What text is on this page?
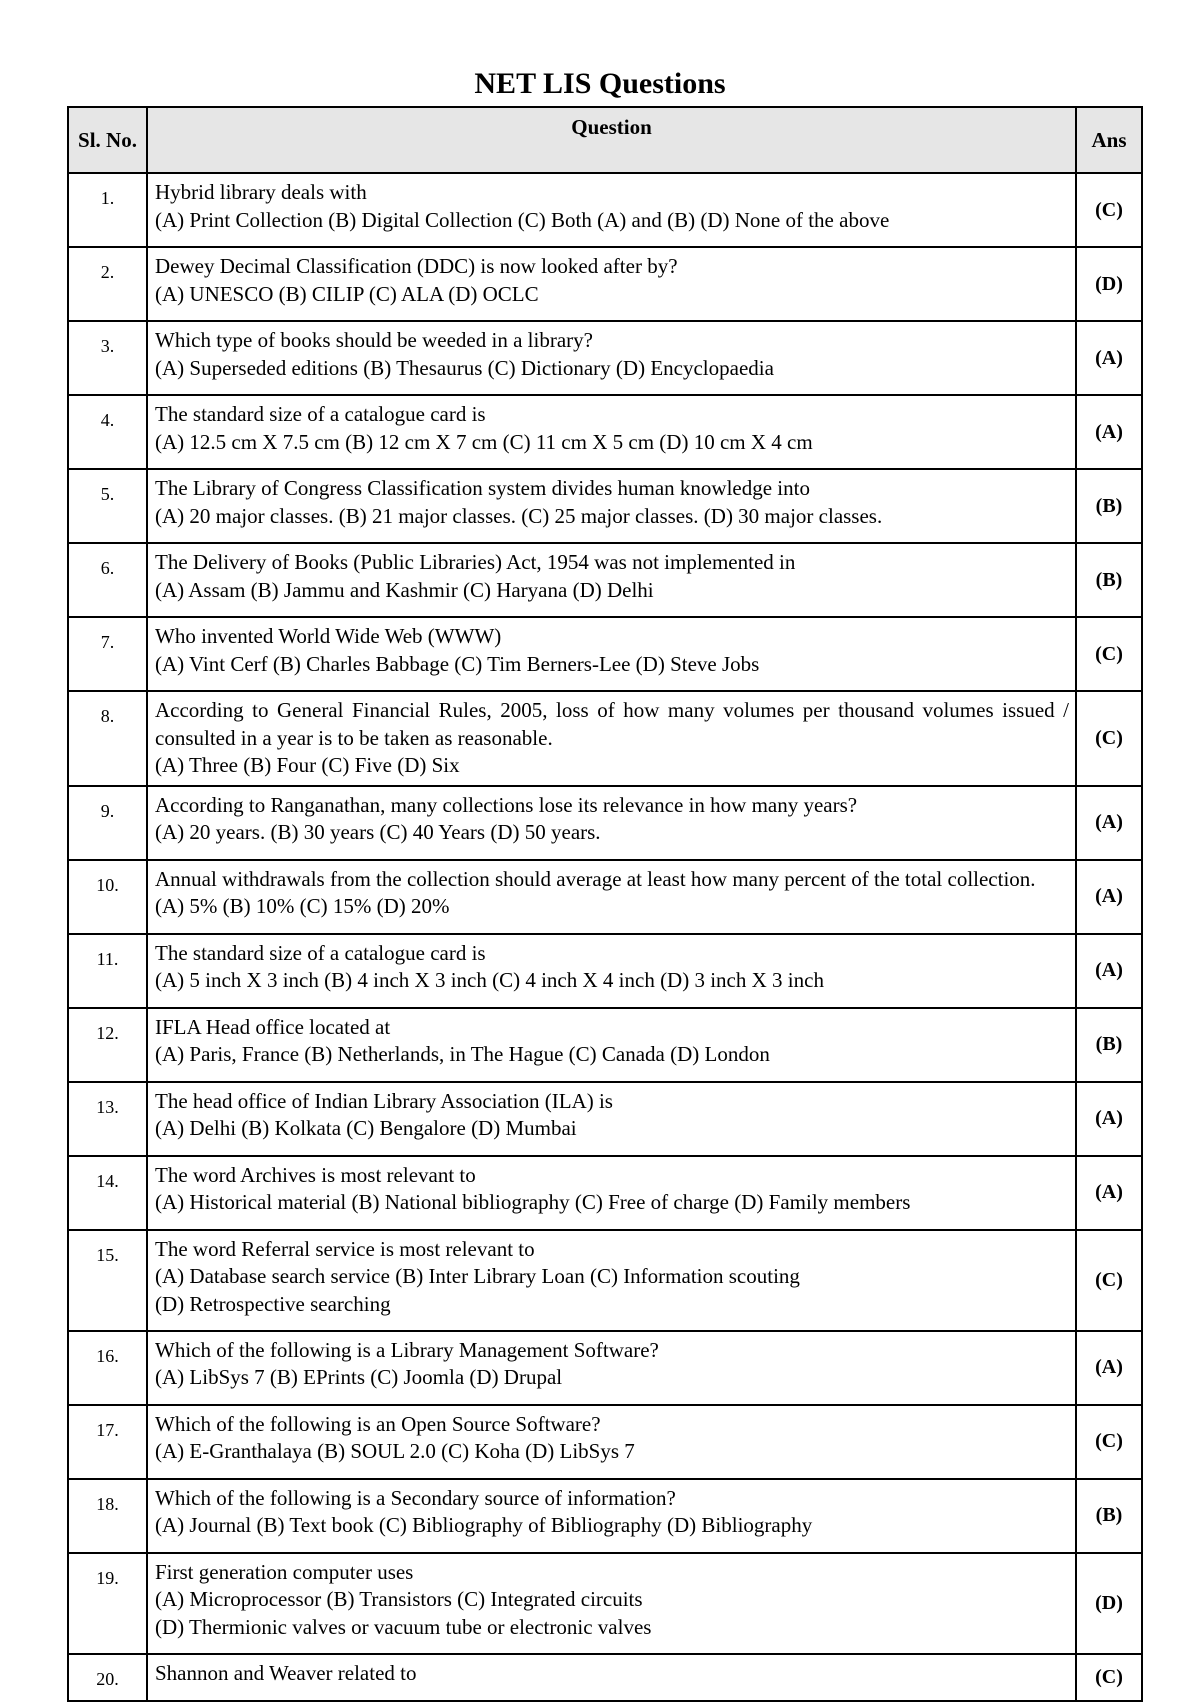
NET LIS Questions
Sl. No.	Question	Ans
1.	Hybrid library deals with
(A) Print Collection (B) Digital Collection (C) Both (A) and (B) (D) None of the above	(C)
2.	Dewey Decimal Classification (DDC) is now looked after by?
(A) UNESCO (B) CILIP (C) ALA (D) OCLC	(D)
3.	Which type of books should be weeded in a library?
(A) Superseded editions (B) Thesaurus (C) Dictionary (D) Encyclopaedia	(A)
4.	The standard size of a catalogue card is
(A) 12.5 cm X 7.5 cm (B) 12 cm X 7 cm (C) 11 cm X 5 cm (D) 10 cm X 4 cm	(A)
5.	The Library of Congress Classification system divides human knowledge into
(A) 20 major classes. (B) 21 major classes. (C) 25 major classes. (D) 30 major classes.	(B)
6.	The Delivery of Books (Public Libraries) Act, 1954 was not implemented in
(A) Assam (B) Jammu and Kashmir (C) Haryana (D) Delhi	(B)
7.	Who invented World Wide Web (WWW)
(A) Vint Cerf (B) Charles Babbage (C) Tim Berners-Lee (D) Steve Jobs	(C)
8.	According to General Financial Rules, 2005, loss of how many volumes per thousand volumes issued / consulted in a year is to be taken as reasonable.
(A) Three (B) Four (C) Five (D) Six	(C)
9.	According to Ranganathan, many collections lose its relevance in how many years?
(A) 20 years. (B) 30 years (C) 40 Years (D) 50 years.	(A)
10.	Annual withdrawals from the collection should average at least how many percent of the total collection.
(A) 5% (B) 10% (C) 15% (D) 20%	(A)
11.	The standard size of a catalogue card is
(A) 5 inch X 3 inch (B) 4 inch X 3 inch (C) 4 inch X 4 inch (D) 3 inch X 3 inch	(A)
12.	IFLA Head office located at
(A) Paris, France (B) Netherlands, in The Hague (C) Canada (D) London	(B)
13.	The head office of Indian Library Association (ILA) is
(A) Delhi (B) Kolkata (C) Bengalore (D) Mumbai	(A)
14.	The word Archives is most relevant to
(A) Historical material (B) National bibliography (C) Free of charge (D) Family members	(A)
15.	The word Referral service is most relevant to
(A) Database search service (B) Inter Library Loan (C) Information scouting
(D) Retrospective searching	(C)
16.	Which of the following is a Library Management Software?
(A) LibSys 7 (B) EPrints (C) Joomla (D) Drupal	(A)
17.	Which of the following is an Open Source Software?
(A) E-Granthalaya (B) SOUL 2.0 (C) Koha (D) LibSys 7	(C)
18.	Which of the following is a Secondary source of information?
(A) Journal (B) Text book (C) Bibliography of Bibliography (D) Bibliography	(B)
19.	First generation computer uses
(A) Microprocessor (B) Transistors (C) Integrated circuits
(D) Thermionic valves or vacuum tube or electronic valves	(D)
20.	Shannon and Weaver related to	(C)
